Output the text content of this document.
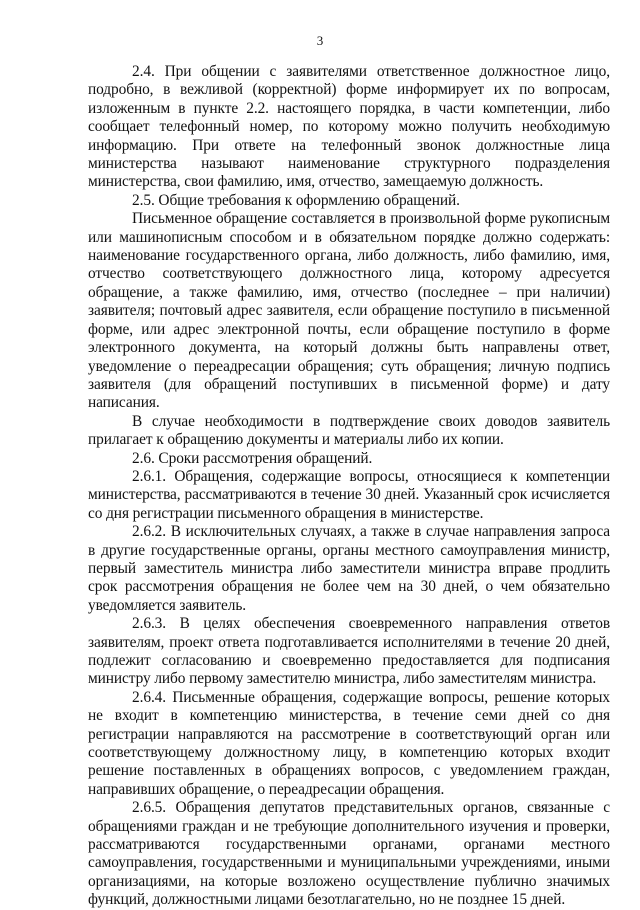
3

2.4. При общении с заявителями ответственное должностное лицо, подробно, в вежливой (корректной) форме информирует их по вопросам, изложенным в пункте 2.2. настоящего порядка, в части компетенции, либо сообщает телефонный номер, по которому можно получить необходимую информацию. При ответе на телефонный звонок должностные лица министерства называют наименование структурного подразделения министерства, свои фамилию, имя, отчество, замещаемую должность.

2.5. Общие требования к оформлению обращений.

Письменное обращение составляется в произвольной форме рукописным или машинописным способом и в обязательном порядке должно содержать: наименование государственного органа, либо должность, либо фамилию, имя, отчество соответствующего должностного лица, которому адресуется обращение, а также фамилию, имя, отчество (последнее – при наличии) заявителя; почтовый адрес заявителя, если обращение поступило в письменной форме, или адрес электронной почты, если обращение поступило в форме электронного документа, на который должны быть направлены ответ, уведомление о переадресации обращения; суть обращения; личную подпись заявителя (для обращений поступивших в письменной форме) и дату написания.

В случае необходимости в подтверждение своих доводов заявитель прилагает к обращению документы и материалы либо их копии.

2.6. Сроки рассмотрения обращений.

2.6.1. Обращения, содержащие вопросы, относящиеся к компетенции министерства, рассматриваются в течение 30 дней. Указанный срок исчисляется со дня регистрации письменного обращения в министерстве.

2.6.2. В исключительных случаях, а также в случае направления запроса в другие государственные органы, органы местного самоуправления министр, первый заместитель министра либо заместители министра вправе продлить срок рассмотрения обращения не более чем на 30 дней, о чем обязательно уведомляется заявитель.

2.6.3. В целях обеспечения своевременного направления ответов заявителям, проект ответа подготавливается исполнителями в течение 20 дней, подлежит согласованию и своевременно предоставляется для подписания министру либо первому заместителю министра, либо заместителям министра.

2.6.4. Письменные обращения, содержащие вопросы, решение которых не входит в компетенцию министерства, в течение семи дней со дня регистрации направляются на рассмотрение в соответствующий орган или соответствующему должностному лицу, в компетенцию которых входит решение поставленных в обращениях вопросов, с уведомлением граждан, направивших обращение, о переадресации обращения.

2.6.5. Обращения депутатов представительных органов, связанные с обращениями граждан и не требующие дополнительного изучения и проверки, рассматриваются государственными органами, органами местного самоуправления, государственными и муниципальными учреждениями, иными организациями, на которые возложено осуществление публично значимых функций, должностными лицами безотлагательно, но не позднее 15 дней.
